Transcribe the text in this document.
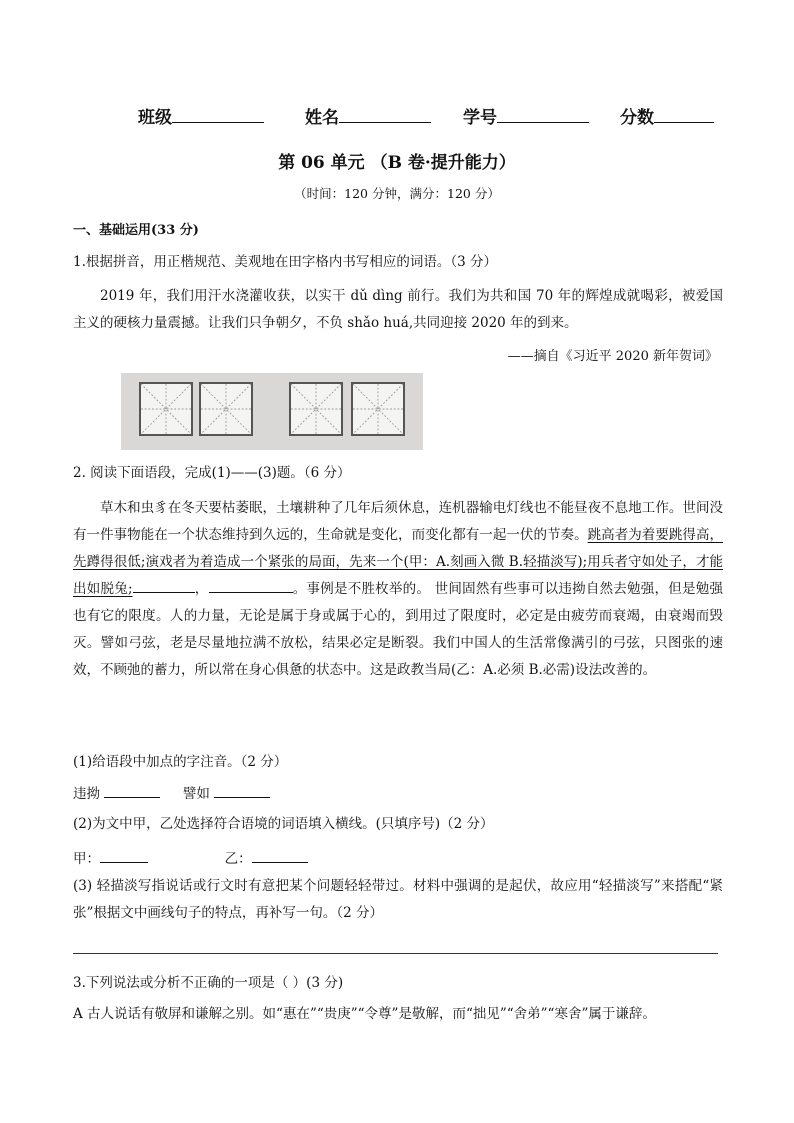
班级	姓名	学号	分数
第 06 单元 （B 卷·提升能力）
（时间：120 分钟，满分：120 分）
一、基础运用(33 分)
1.根据拼音，用正楷规范、美观地在田字格内书写相应的词语。（3 分）
2019 年，我们用汗水浇灌收获，以实干 dǔ dìng 前行。我们为共和国 70 年的辉煌成就喝彩，被爱国主义的硬核力量震撼。让我们只争朝夕，不负 shǎo huá,共同迎接 2020 年的到来。
——摘自《习近平 2020 新年贺词》
2. 阅读下面语段，完成(1)——(3)题。（6 分）
草木和虫豸在冬天要枯萎眠，土壤耕种了几年后须休息，连机器输电灯线也不能昼夜不息地工作。世间没有一件事物能在一个状态维持到久远的，生命就是变化，而变化都有一起一伏的节奏。跳高者为着要跳得高，先蹲得很低;演戏者为着造成一个紧张的局面，先来一个(甲：A.刻画入微 B.轻描淡写);用兵者守如处子，才能出如脱兔;	，	。事例是不胜枚举的。 世间固然有些事可以违拗自然去勉强，但是勉强也有它的限度。人的力量，无论是属于身或属于心的，到用过了限度时，必定是由疲劳而衰竭，由衰竭而毁灭。譬如弓弦，老是尽量地拉满不放松，结果必定是断裂。我们中国人的生活常像满引的弓弦，只图张的速效，不顾弛的蓄力，所以常在身心俱惫的状态中。这是政教当局(乙：A.必须 B.必需)设法改善的。
(1)给语段中加点的字注音。（2 分）
违拗	譬如
(2)为文中甲，乙处选择符合语境的词语填入横线。(只填序号)（2 分）
甲：	乙：
(3) 轻描淡写指说话或行文时有意把某个问题轻轻带过。材料中强调的是起伏，故应用“轻描淡写”来搭配“紧张”根据文中画线句子的特点，再补写一句。（2 分）
3.下列说法或分析不正确的一项是（ ）(3 分)
A 古人说话有敬屏和谦解之别。如“惠在”“贵庚”“令尊”是敬解，而“拙见”“舍弟”“寒舍”属于谦辞。
